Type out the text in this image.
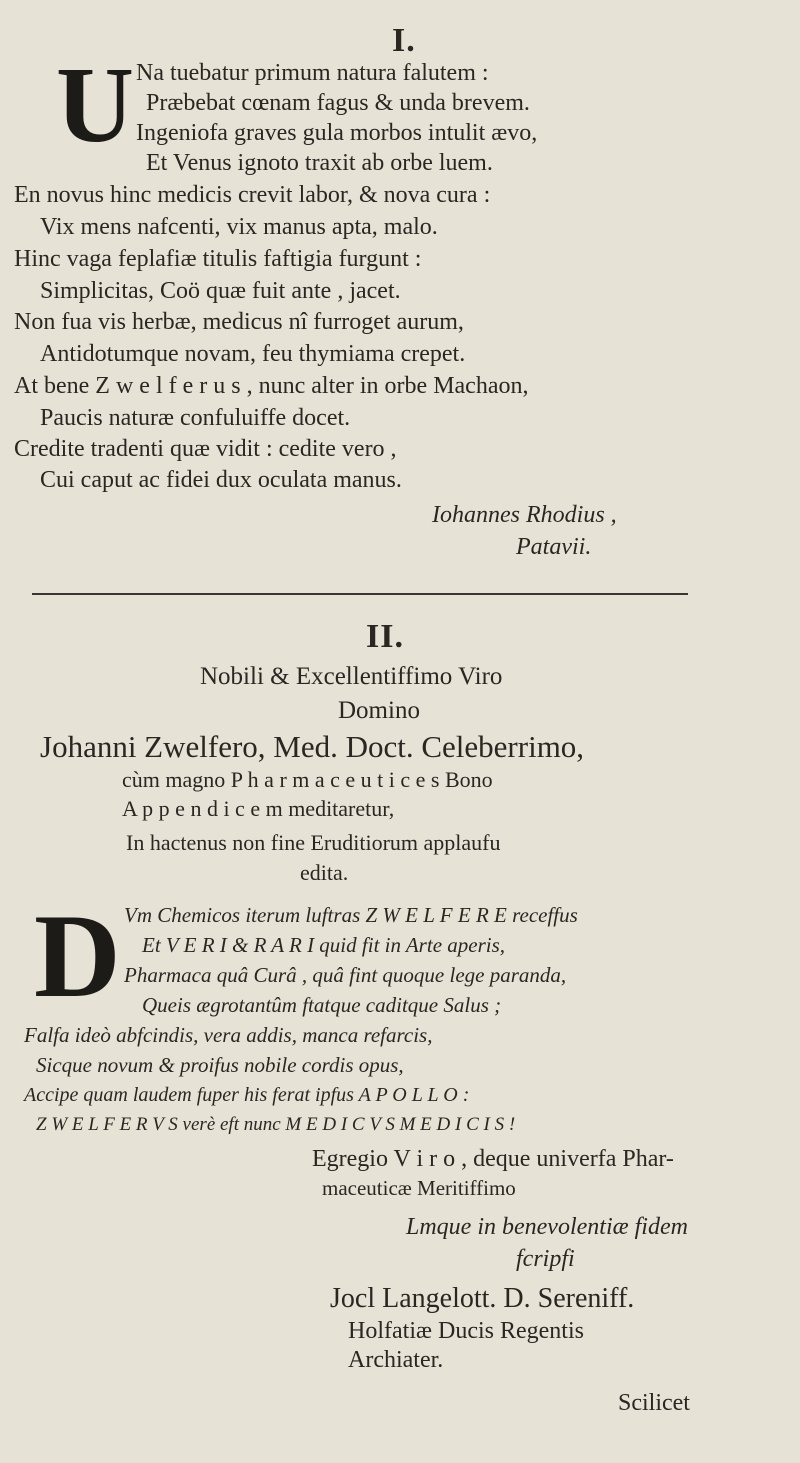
I.
U Na tuebatur primum natura falutem :
Præbebat cœnam fagus & unda brevem.
Ingeniofa graves gula morbos intulit ævo,
Et Venus ignoto traxit ab orbe luem.
En novus hinc medicis crevit labor, & nova cura :
Vix mens nafcenti, vix manus apta, malo.
Hinc vaga feplafiæ titulis faftigia furgunt :
Simplicitas, Coö quæ fuit ante , jacet.
Non fua vis herbæ, medicus nî furroget aurum,
Antidotumque novam, feu thymiama crepet.
At bene Z w e l f e r u s , nunc alter in orbe Machaon,
Paucis naturæ confuluiffe docet.
Credite tradenti quæ vidit : cedite vero ,
Cui caput ac fidei dux oculata manus.
Iohannes Rhodius ,
Patavii.
II.
Nobili & Excellentiffimo Viro
Domino
Johanni Zwelfero, Med. Doct. Celeberrimo,
cùm magno P h a r m a c e u t i c e s Bono
A p p e n d i c e m meditaretur,
In hactenus non fine Eruditiorum applaufu
edita.
D Vm Chemicos iterum luftras Z W E L F E R E receffus
Et V E R I & R A R I quid fit in Arte aperis,
Pharmaca quâ Curâ , quâ fint quoque lege paranda,
Queis ægrotantûm ftatque caditque Salus ;
Falfa ideò abfcindis, vera addis, manca refarcis,
Sicque novum & proifus nobile cordis opus,
Accipe quam laudem fuper his ferat ipfus A P O L L O :
Z W E L F E R V S verè eft nunc M E D I C V S M E D I C I S !
Egregio V i r o , deque univerfa Phar-
maceuticæ Meritiffimo
Lmque in benevolentiæ fidem
fcripfi
Jocl Langelott. D. Sereniff.
Holfatiæ Ducis Regentis
Archiater.
Scilicet
